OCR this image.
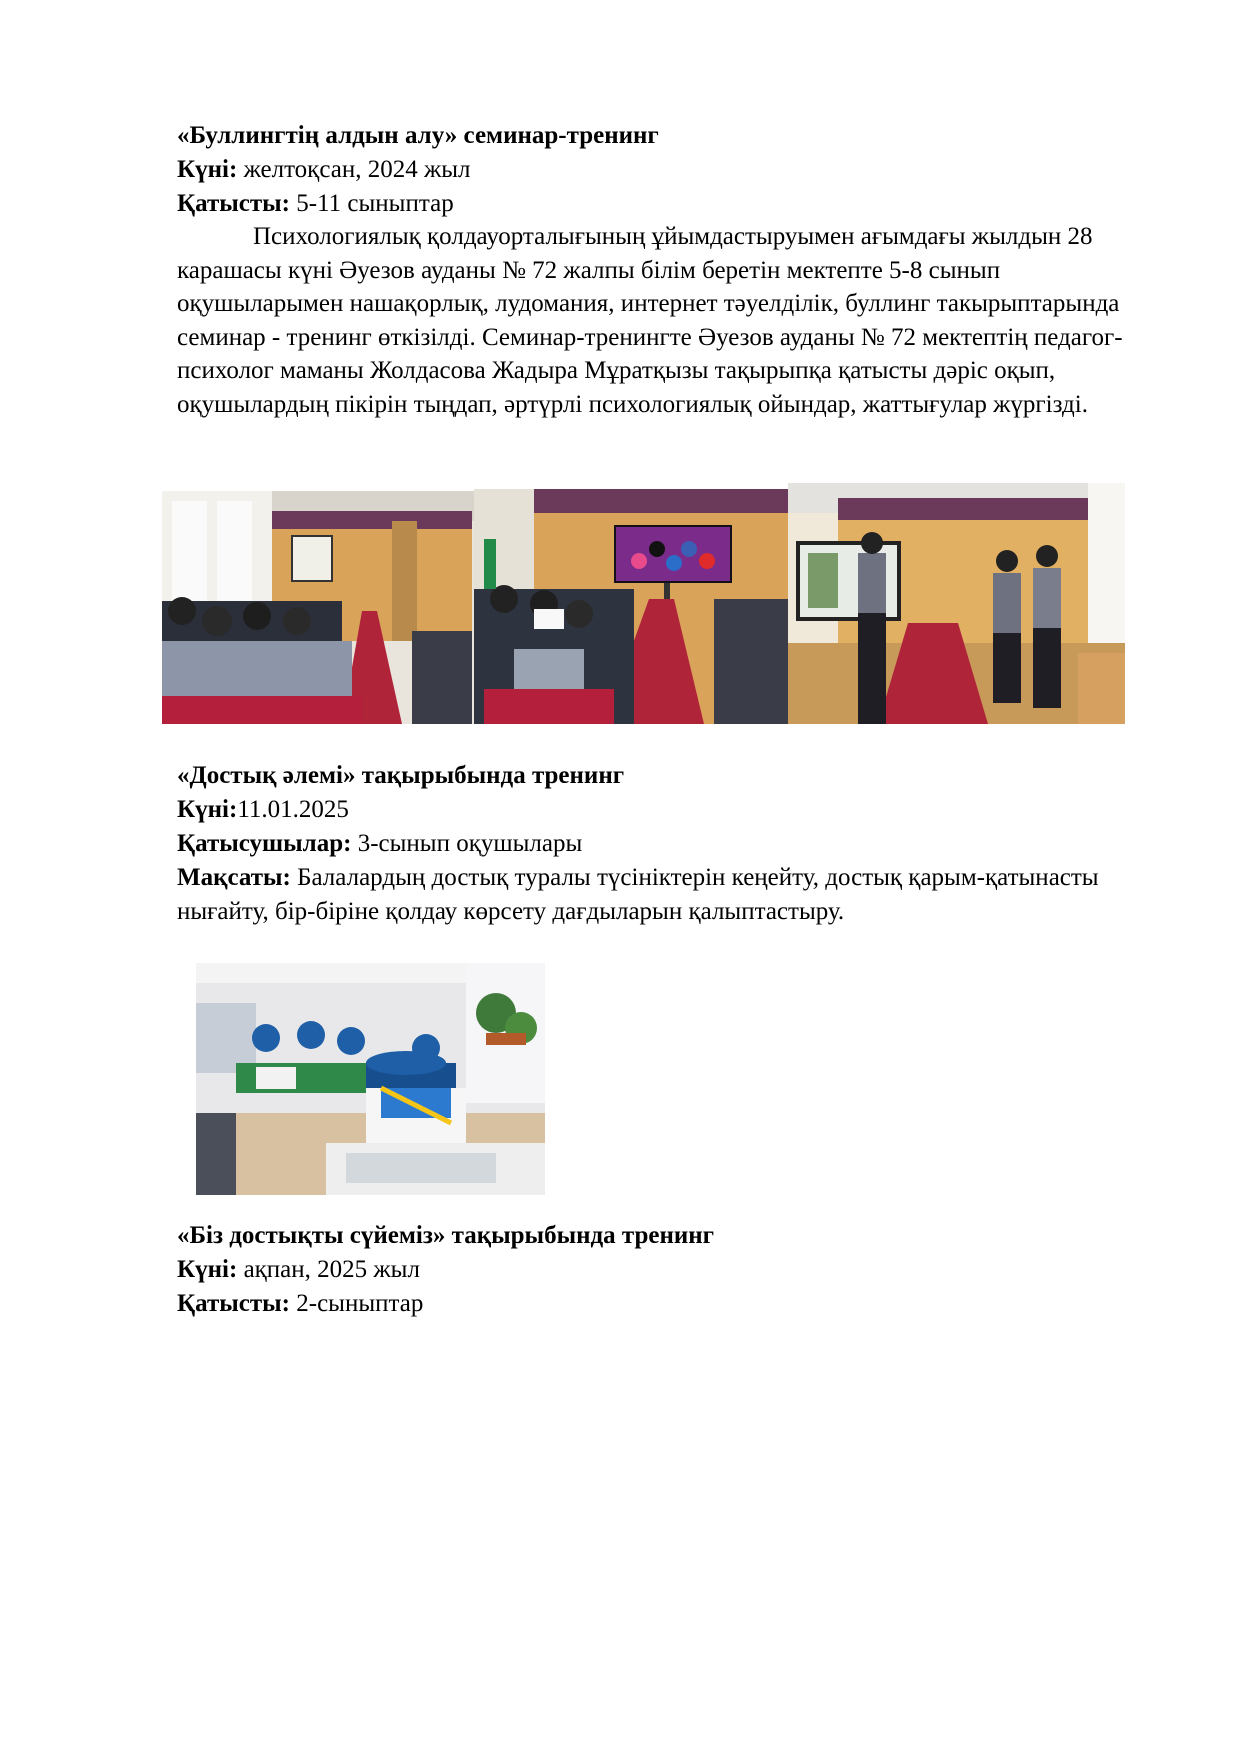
«Буллингтің алдын алу» семинар-тренинг

Күні: желтоқсан, 2024 жыл

Қатысты: 5-11 сыныптар

Психологиялық қолдауорталығының ұйымдастыруымен ағымдағы жылдын 28 карашасы күні Әуезов ауданы № 72 жалпы білім беретін мектепте 5-8 сынып оқушыларымен нашақорлық, лудомания, интернет тәуелділік, буллинг такырыптарында семинар - тренинг өткізілді. Семинар-тренингте Әуезов ауданы № 72 мектептің педагог-психолог маманы Жолдасова Жадыра Мұратқызы тақырыпқа қатысты дәріс оқып, оқушылардың пікірін тыңдап, әртүрлі психологиялық ойындар, жаттығулар жүргізді.

«Достық әлемі» тақырыбында тренинг

Күні:11.01.2025

Қатысушылар: 3-сынып оқушылары

Мақсаты: Балалардың достық туралы түсініктерін кеңейту, достық қарым-қатынасты нығайту, бір-біріне қолдау көрсету дағдыларын қалыптастыру.

«Біз достықты сүйеміз» тақырыбында тренинг

Күні: ақпан, 2025 жыл

Қатысты: 2-сыныптар
